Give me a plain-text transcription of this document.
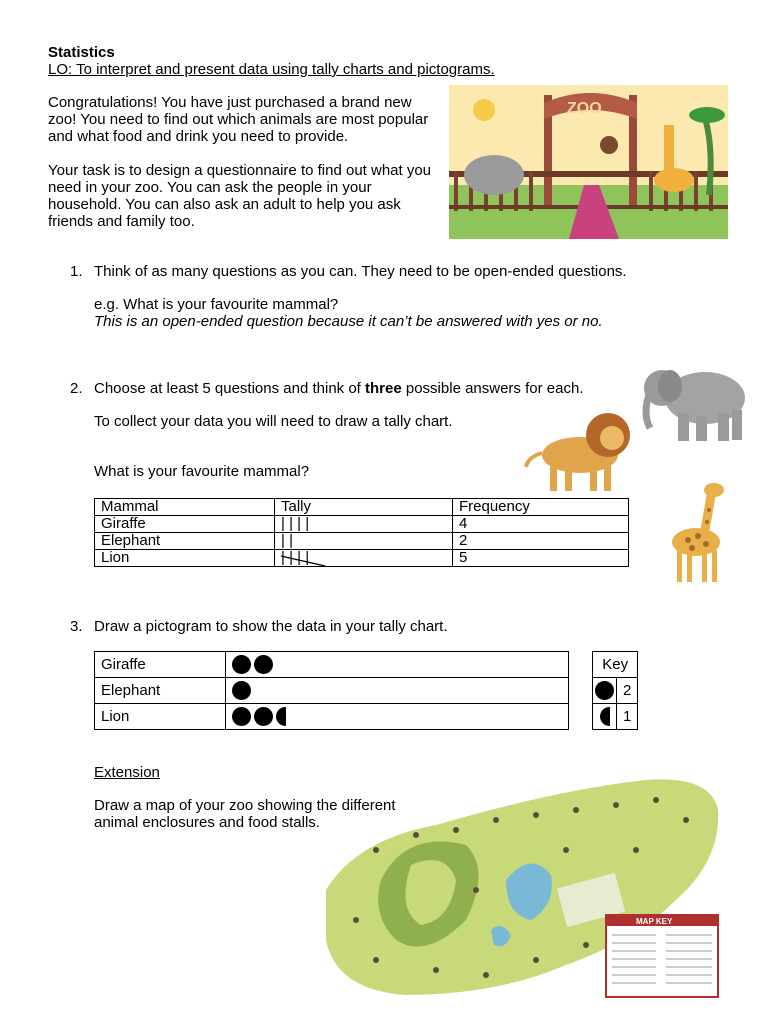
Statistics
LO: To interpret and present data using tally charts and pictograms.
Congratulations! You have just purchased a brand new zoo! You need to find out which animals are most popular and what food and drink you need to provide.
Your task is to design a questionnaire to find out what you need in your zoo. You can ask the people in your household. You can also ask an adult to help you ask friends and family too.
ZOO
1. Think of as many questions as you can. They need to be open-ended questions.
e.g. What is your favourite mammal?
This is an open-ended question because it can’t be answered with yes or no.
2. Choose at least 5 questions and think of three possible answers for each.
To collect your data you will need to draw a tally chart.
What is your favourite mammal?
Mammal	Tally	Frequency
Giraffe	| | | |	4
Elephant	| |	2
Lion	| | | |	5
3. Draw a pictogram to show the data in your tally chart.
Giraffe	
Elephant	
Lion	
Key	
	2
	1
Extension
Draw a map of your zoo showing the different animal enclosures and food stalls.
MAP KEY
